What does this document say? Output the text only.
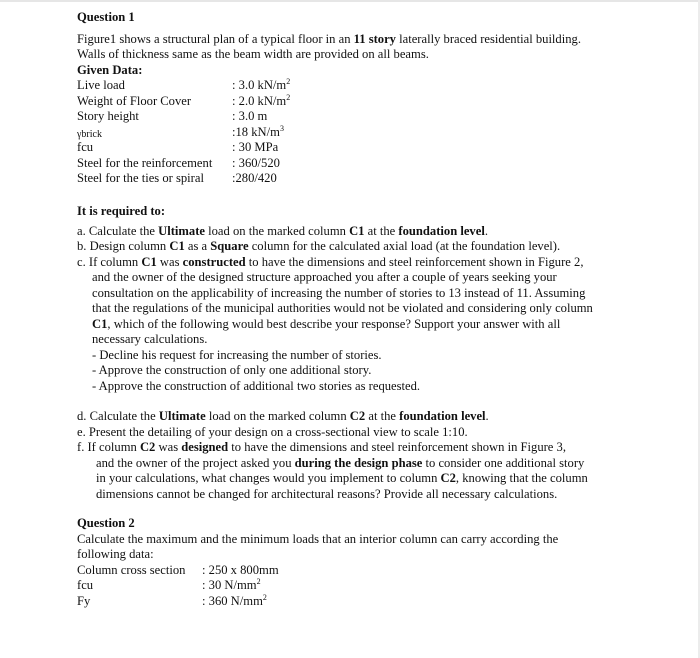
Question 1
Figure1 shows a structural plan of a typical floor in an 11 story laterally braced residential building.
Walls of thickness same as the beam width are provided on all beams.
Given Data:
Live load	: 3.0 $kN/m^2$
Weight of Floor Cover	: 2.0 $kN/m^2$
Story height	: 3.0 m
γbrick	:18 $kN/m^3$
fcu	: 30 MPa
Steel for the reinforcement : 360/520
Steel for the ties or spiral :280/420
It is required to:
a. Calculate the Ultimate load on the marked column C1 at the foundation level.
b. Design column C1 as a Square column for the calculated axial load (at the foundation level).
c. If column C1 was constructed to have the dimensions and steel reinforcement shown in Figure 2,
and the owner of the designed structure approached you after a couple of years seeking your
consultation on the applicability of increasing the number of stories to 13 instead of 11. Assuming
that the regulations of the municipal authorities would not be violated and considering only column
C1, which of the following would best describe your response? Support your answer with all
necessary calculations.
- Decline his request for increasing the number of stories.
- Approve the construction of only one additional story.
- Approve the construction of additional two stories as requested.
d. Calculate the Ultimate load on the marked column C2 at the foundation level.
e. Present the detailing of your design on a cross-sectional view to scale 1:10.
f. If column C2 was designed to have the dimensions and steel reinforcement shown in Figure 3,
and the owner of the project asked you during the design phase to consider one additional story
in your calculations, what changes would you implement to column C2, knowing that the column
dimensions cannot be changed for architectural reasons? Provide all necessary calculations.
Question 2
Calculate the maximum and the minimum loads that an interior column can carry according the
following data:
Column cross section : 250 x 800mm
fcu	: 30 $N/mm^2$
Fy	: 360 $N/mm^2$
